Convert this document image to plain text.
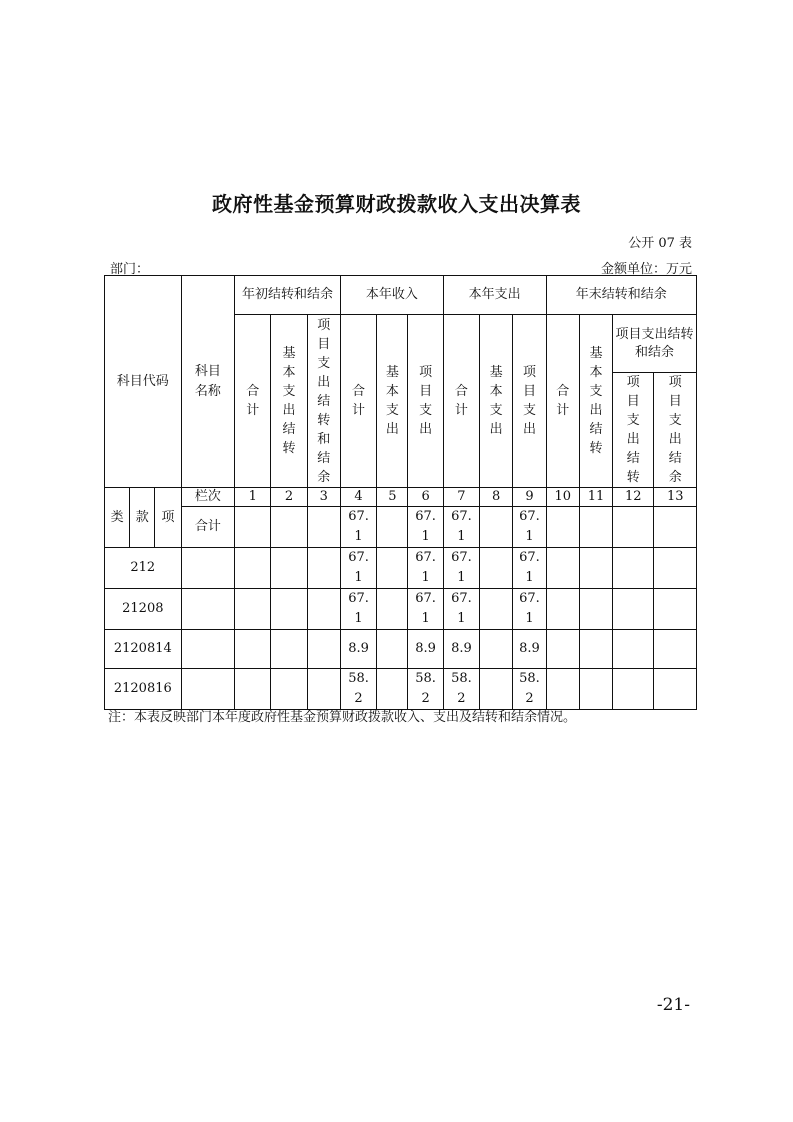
政府性基金预算财政拨款收入支出决算表
公开 07 表
部门：	金额单位：万元
科目代码			科目名称	年初结转和结余			本年收入			本年支出			年末结转和结余			
				合计	基本支出结转	项目支出结转和结余	合计	基本支出	项目支出	合计	基本支出	项目支出	合计	基本支出结转	项目支出结转和结余	
															项目支出结转	项目支出结余
类	款	项	栏次	1	2	3	4	5	6	7	8	9	10	11	12	13
			合计				67.1		67.1	67.1		67.1				
212							67.1		67.1	67.1		67.1				
21208							67.1		67.1	67.1		67.1				
2120814							8.9		8.9	8.9		8.9				
2120816							58.2		58.2	58.2		58.2				
注：本表反映部门本年度政府性基金预算财政拨款收入、支出及结转和结余情况。
-21-
